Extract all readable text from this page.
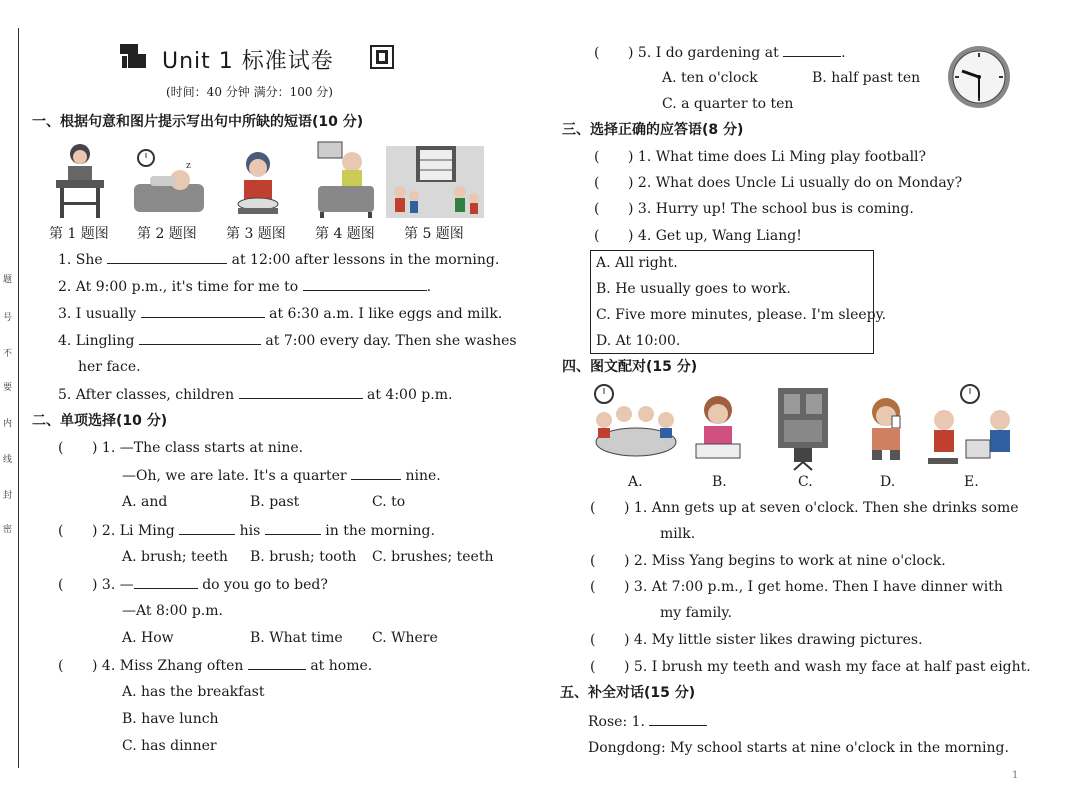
题
号
不
要
内
线
封
密
Unit 1 标准试卷
(时间：40 分钟 满分：100 分)
一、根据句意和图片提示写出句中所缺的短语(10 分)
z
第 1 题图 第 2 题图 第 3 题图 第 4 题图 第 5 题图
1. She	at 12:00 after lessons in the morning.
2. At 9:00 p.m., it's time for me to	.
3. I usually	at 6:30 a.m. I like eggs and milk.
4. Lingling	at 7:00 every day. Then she washes
her face.
5. After classes, children	at 4:00 p.m.
二、单项选择(10 分)
( ) 1. —The class starts at nine.
—Oh, we are late. It's a quarter	nine.
A. and	B. past	C. to
( ) 2. Li Ming	his	in the morning.
A. brush; teeth B. brush; tooth C. brushes; teeth
( ) 3. —	do you go to bed?
—At 8:00 p.m.
A. How	B. What time C. Where
( ) 4. Miss Zhang often	at home.
A. has the breakfast
B. have lunch
C. has dinner
( ) 5. I do gardening at	.
A. ten o'clock	B. half past ten
C. a quarter to ten
三、选择正确的应答语(8 分)
( ) 1. What time does Li Ming play football?
( ) 2. What does Uncle Li usually do on Monday?
( ) 3. Hurry up! The school bus is coming.
( ) 4. Get up, Wang Liang!
A. All right.
B. He usually goes to work.
C. Five more minutes, please. I'm sleepy.
D. At 10:00.
四、图文配对(15 分)
A.	B.	C.	D.	E.
( ) 1. Ann gets up at seven o'clock. Then she drinks some
milk.
( ) 2. Miss Yang begins to work at nine o'clock.
( ) 3. At 7:00 p.m., I get home. Then I have dinner with
my family.
( ) 4. My little sister likes drawing pictures.
( ) 5. I brush my teeth and wash my face at half past eight.
五、补全对话(15 分)
Rose: 1.
Dongdong: My school starts at nine o'clock in the morning.
1
